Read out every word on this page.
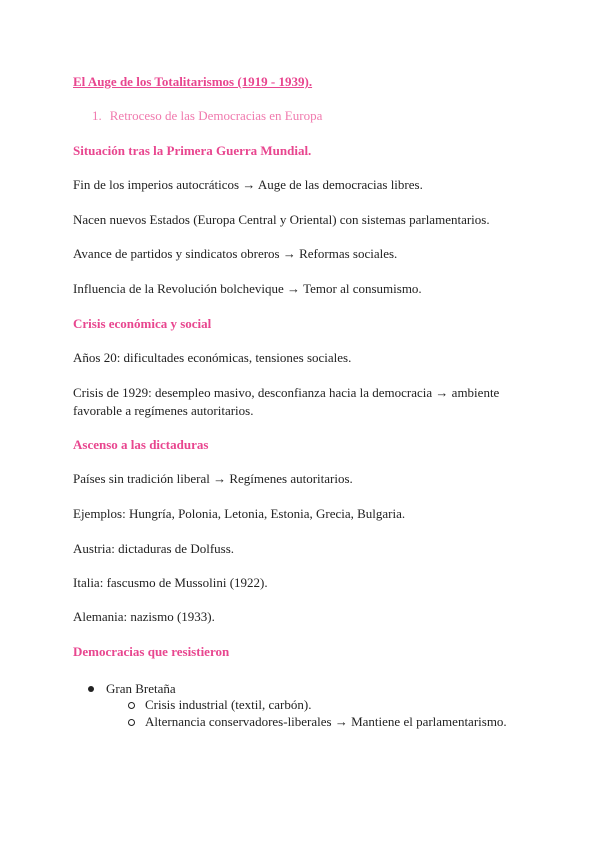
El Auge de los Totalitarismos (1919 - 1939).
1. Retroceso de las Democracias en Europa
Situación tras la Primera Guerra Mundial.
Fin de los imperios autocráticos → Auge de las democracias libres.
Nacen nuevos Estados (Europa Central y Oriental) con sistemas parlamentarios.
Avance de partidos y sindicatos obreros → Reformas sociales.
Influencia de la Revolución bolchevique → Temor al consumismo.
Crisis económica y social
Años 20: dificultades económicas, tensiones sociales.
Crisis de 1929: desempleo masivo, desconfianza hacia la democracia → ambiente favorable a regímenes autoritarios.
Ascenso a las dictaduras
Países sin tradición liberal → Regímenes autoritarios.
Ejemplos: Hungría, Polonia, Letonia, Estonia, Grecia, Bulgaria.
Austria: dictaduras de Dolfuss.
Italia: fascusmo de Mussolini (1922).
Alemania: nazismo (1933).
Democracias que resistieron
Gran Bretaña
Crisis industrial (textil, carbón).
Alternancia conservadores-liberales → Mantiene el parlamentarismo.
